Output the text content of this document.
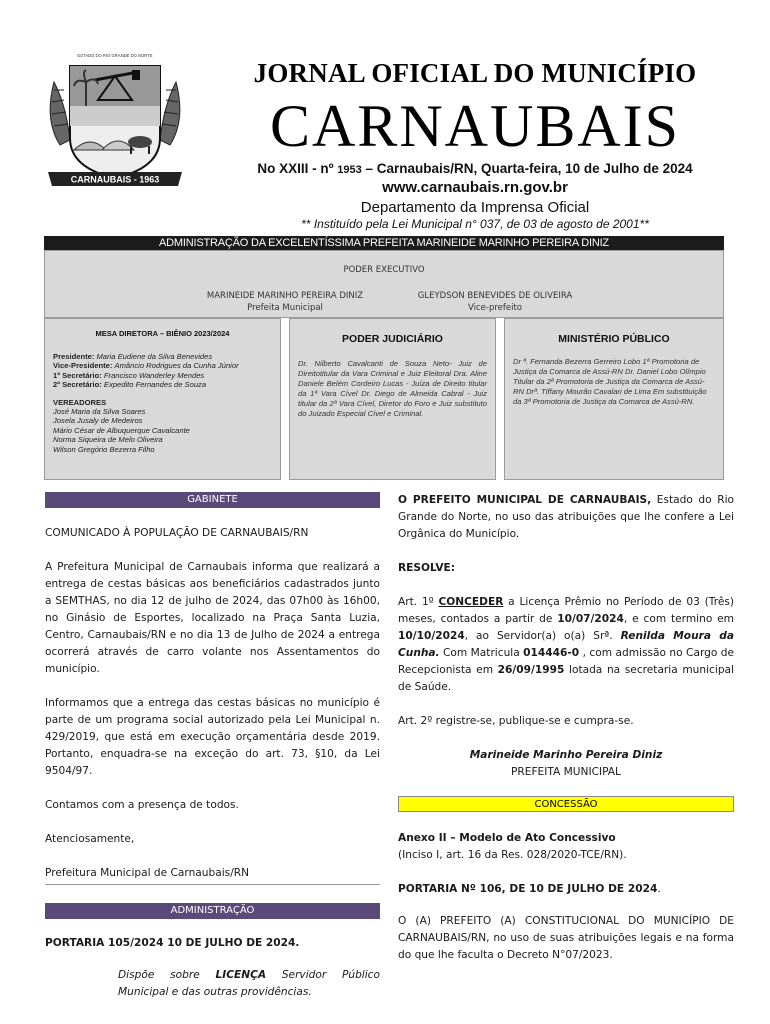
ESTADO DO RIO GRANDE DO NORTE
CARNAUBAIS - 1963
JORNAL OFICIAL DO MUNICÍPIO
CARNAUBAIS
No XXIII - nº 1953 – Carnaubais/RN, Quarta-feira, 10 de Julho de 2024
www.carnaubais.rn.gov.br
Departamento da Imprensa Oficial
** Instituído pela Lei Municipal n° 037, de 03 de agosto de 2001**
ADMINISTRAÇÃO DA EXCELENTÍSSIMA PREFEITA MARINEIDE MARINHO PEREIRA DINIZ
PODER EXECUTIVO
MARINEIDE MARINHO PEREIRA DINIZ
Prefeita Municipal
GLEYDSON BENEVIDES DE OLIVEIRA
Vice-prefeito
MESA DIRETORA – BIÊNIO 2023/2024
Presidente: Maria Eudiene da Silva Benevides
Vice-Presidente: Amâncio Rodrigues da Cunha Júnior
1º Secretário: Francisco Wanderley Mendes
2º Secretário: Expedito Fernandes de Souza
VEREADORES
José Maria da Silva Soares
Josela Jusaly de Medeiros
Mário César de Albuquerque Cavalcante
Norma Siqueira de Melo Oliveira
Wilson Gregório Bezerra Filho
PODER JUDICIÁRIO
Dr. Nilberto Cavalcanti de Souza Neto- Juiz de Direitotitular da Vara Criminal e Juiz Eleitoral Dra. Aline Daniele Belém Cordeiro Lucas - Juíza de Direito titular da 1ª Vara Cível Dr. Diego de Almeida Cabral - Juiz titular da 2ª Vara Cível, Diretor do Foro e Juiz substituto do Juizado Especial Cível e Criminal.
MINISTÉRIO PÚBLICO
Dr ª. Fernanda Bezerra Gerreiro Lobo 1ª Promotoria de Justiça da Comarca de Assú-RN Dr. Daniel Lobo Olímpio Titular da 2ª Promotoria de Justiça da Comarca de Assú-RN Drª. Tiffany Mourão Cavalari de Lima Em substituição da 3ª Promotoria de Justiça da Comarca de Assú-RN.
GABINETE

COMUNICADO À POPULAÇÃO DE CARNAUBAIS/RN

A Prefeitura Municipal de Carnaubais informa que realizará a entrega de cestas básicas aos beneficiários cadastrados junto a SEMTHAS, no dia 12 de julho de 2024, das 07h00 às 16h00, no Ginásio de Esportes, localizado na Praça Santa Luzia, Centro, Carnaubais/RN e no dia 13 de Julho de 2024 a entrega ocorrerá através de carro volante nos Assentamentos do município.

Informamos que a entrega das cestas básicas no município é parte de um programa social autorizado pela Lei Municipal n. 429/2019, que está em execução orçamentária desde 2019. Portanto, enquadra-se na exceção do art. 73, §10, da Lei 9504/97.

Contamos com a presença de todos.

Atenciosamente,

Prefeitura Municipal de Carnaubais/RN

ADMINISTRAÇÃO

PORTARIA 105/2024 10 DE JULHO DE 2024.

Dispõe sobre LICENÇA Servidor Público Municipal e das outras providências.

O PREFEITO MUNICIPAL DE CARNAUBAIS, Estado do Rio Grande do Norte, no uso das atribuições que lhe confere a Lei Orgânica do Município.

RESOLVE:

Art. 1º CONCEDER a Licença Prêmio no Período de 03 (Três) meses, contados a partir de 10/07/2024, e com termino em 10/10/2024, ao Servidor(a) o(a) Srª. Renilda Moura da Cunha. Com Matricula 014446-0 , com admissão no Cargo de Recepcionista em 26/09/1995 lotada na secretaria municipal de Saúde.

Art. 2º registre-se, publique-se e cumpra-se.

Marineide Marinho Pereira Diniz

PREFEITA MUNICIPAL

CONCESSÃO

Anexo II – Modelo de Ato Concessivo

(Inciso I, art. 16 da Res. 028/2020-TCE/RN).

PORTARIA Nº 106, DE 10 DE JULHO DE 2024.

O (A) PREFEITO (A) CONSTITUCIONAL DO MUNICÍPIO DE CARNAUBAIS/RN, no uso de suas atribuições legais e na forma do que lhe faculta o Decreto N°07/2023.
